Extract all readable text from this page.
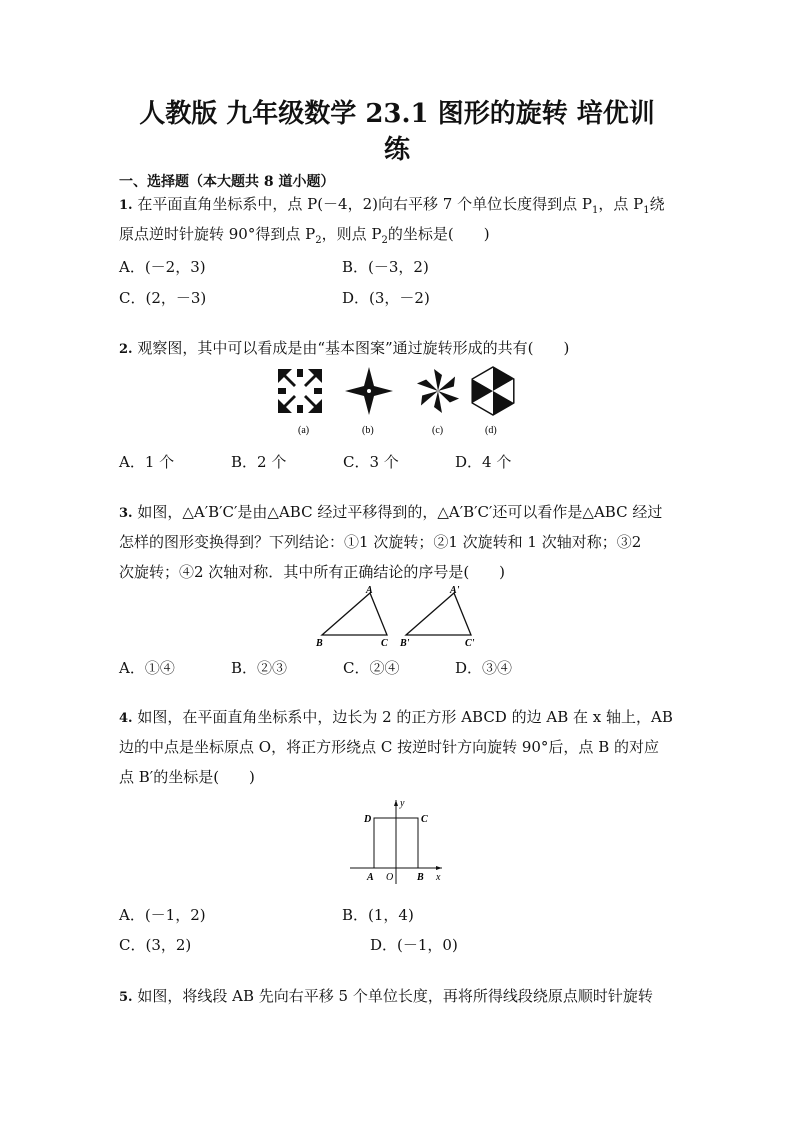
人教版 九年级数学 23.1 图形的旋转 培优训
练
一、选择题（本大题共 8 道小题）
1. 在平面直角坐标系中，点 P(－4，2)向右平移 7 个单位长度得到点 $P_1$，点 $P_1$绕
原点逆时针旋转 90°得到点 $P_2$，则点 $P_2$的坐标是(　　)
A．(－2，3)	B．(－3，2)
C．(2，－3)	D．(3，－2)
2. 观察图，其中可以看成是由“基本图案”通过旋转形成的共有(　　)
(a)	(b)	(c)	(d)
A．1 个	B．2 个	C．3 个	D．4 个
3. 如图，△A′B′C′是由△ABC 经过平移得到的，△A′B′C′还可以看作是△ABC 经过
怎样的图形变换得到？下列结论：①1 次旋转；②1 次旋转和 1 次轴对称；③2
次旋转；④2 次轴对称．其中所有正确结论的序号是(　　)
A
B	C
A'
B'	C'
A．①④	B．②③	C．②④	D．③④
4. 如图，在平面直角坐标系中，边长为 2 的正方形 ABCD 的边 AB 在 x 轴上，AB
边的中点是坐标原点 O，将正方形绕点 C 按逆时针方向旋转 90°后，点 B 的对应
点 B′的坐标是(　　)
D	C
A O B x
y
A．(－1，2)	B．(1，4)
C．(3，2)	D．(－1，0)
5. 如图，将线段 AB 先向右平移 5 个单位长度，再将所得线段绕原点顺时针旋转
